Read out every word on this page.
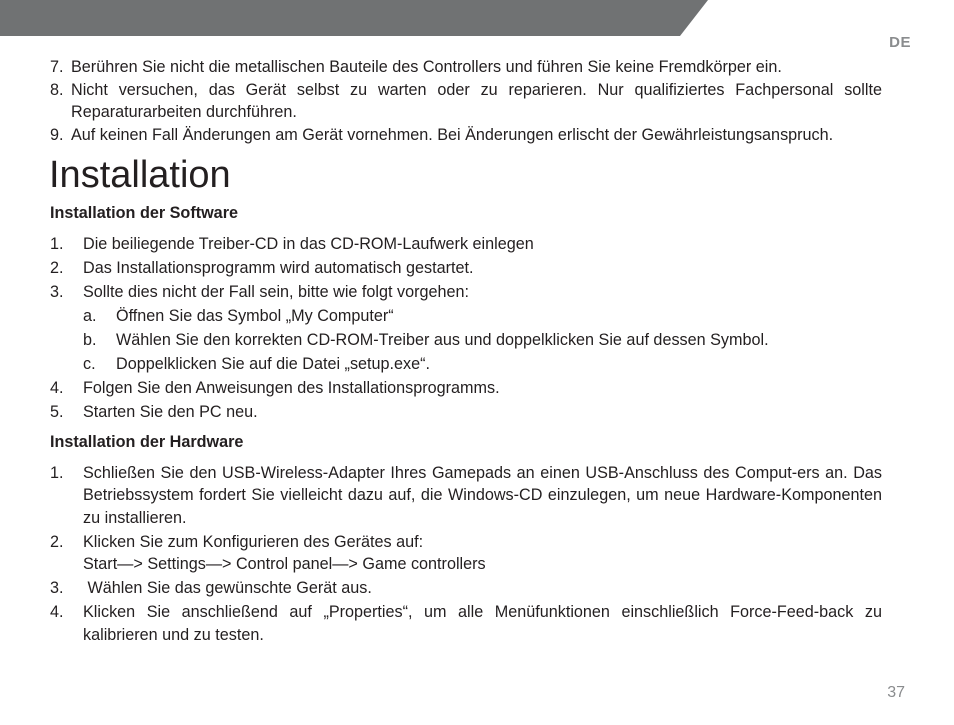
DE
7. Berühren Sie nicht die metallischen Bauteile des Controllers und führen Sie keine Fremdkörper ein.
8. Nicht versuchen, das Gerät selbst zu warten oder zu reparieren. Nur qualifiziertes Fachpersonal sollte Reparaturarbeiten durchführen.
9. Auf keinen Fall Änderungen am Gerät vornehmen. Bei Änderungen erlischt der Gewährleistungsanspruch.
Installation
Installation der Software
1. Die beiliegende Treiber-CD in das CD-ROM-Laufwerk einlegen
2. Das Installationsprogramm wird automatisch gestartet.
3. Sollte dies nicht der Fall sein, bitte wie folgt vorgehen:
a. Öffnen Sie das Symbol „My Computer“
b. Wählen Sie den korrekten CD-ROM-Treiber aus und doppelklicken Sie auf dessen Symbol.
c. Doppelklicken Sie auf die Datei „setup.exe“.
4. Folgen Sie den Anweisungen des Installationsprogramms.
5. Starten Sie den PC neu.
Installation der Hardware
1. Schließen Sie den USB-Wireless-Adapter Ihres Gamepads an einen USB-Anschluss des Comput-ers an. Das Betriebssystem fordert Sie vielleicht dazu auf, die Windows-CD einzulegen, um neue Hardware-Komponenten zu installieren.
2. Klicken Sie zum Konfigurieren des Gerätes auf:
Start—> Settings—> Control panel—> Game controllers
3. Wählen Sie das gewünschte Gerät aus.
4. Klicken Sie anschließend auf „Properties“, um alle Menüfunktionen einschließlich Force-Feed-back zu kalibrieren und zu testen.
37
